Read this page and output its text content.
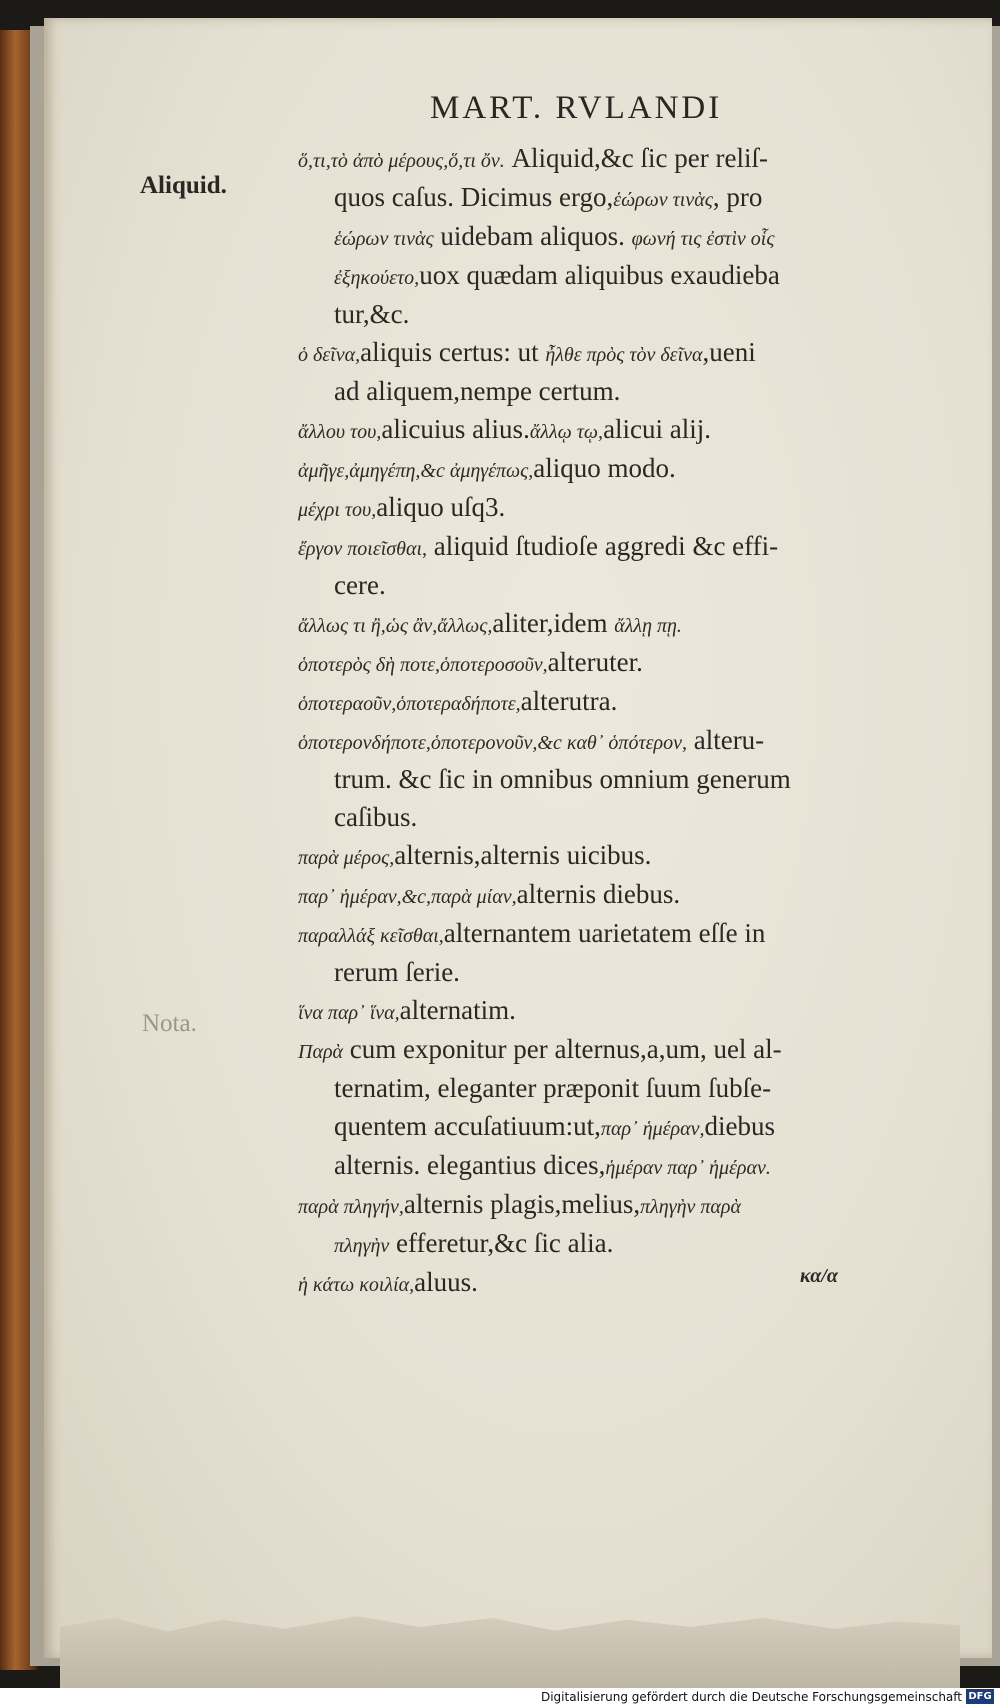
MART. RVLANDI
Aliquid.
Nota.
ὅ,τι,τὸ ἀπὸ μέρους,ὅ,τι ὄν. Aliquid,&c ſic per reliſ-
quos caſus. Dicimus ergo,ἑώρων τινὰς, pro
ἑώρων τινὰς uidebam aliquos. φωνή τις ἐστὶν οἷς
ἐξηκούετο,uox quædam aliquibus exaudieba
tur,&c.
ὁ δεῖνα,aliquis certus: ut ἦλθε πρὸς τὸν δεῖνα,ueni
ad aliquem,nempe certum.
ἄλλου του,alicuius alius.ἄλλῳ τῳ,alicui alij.
ἀμῆγε,ἀμηγέπη,&c ἀμηγέπως,aliquo modo.
μέχρι του,aliquo uſq3.
ἔργον ποιεῖσθαι, aliquid ſtudioſe aggredi &c effi-
cere.
ἄλλως τι ἢ,ὡς ἂν,ἄλλως,aliter,idem ἄλλῃ πῃ.
ὁποτερὸς δὴ ποτε,ὁποτεροσοῦν,alteruter.
ὁποτεραοῦν,ὁποτεραδήποτε,alterutra.
ὁποτερονδήποτε,ὁποτερονοῦν,&c καθ᾽ ὁπότερον, alteru-
trum. &c ſic in omnibus omnium generum
caſibus.
παρὰ μέρος,alternis,alternis uicibus.
παρ᾽ ἡμέραν,&c,παρὰ μίαν,alternis diebus.
παραλλάξ κεῖσθαι,alternantem uarietatem eſſe in
rerum ſerie.
ἵνα παρ᾽ ἵνα,alternatim.
Παρὰ cum exponitur per alternus,a,um, uel al-
ternatim, eleganter præponit ſuum ſubſe-
quentem accuſatiuum:ut,παρ᾽ ἡμέραν,diebus
alternis. elegantius dices,ἡμέραν παρ᾽ ἡμέραν.
παρὰ πληγήν,alternis plagis,melius,πληγὴν παρὰ
πληγὴν efferetur,&c ſic alia.
ἡ κάτω κοιλία,aluus.	κα/α
Digitalisierung gefördert durch die Deutsche Forschungsgemeinschaft DFG
